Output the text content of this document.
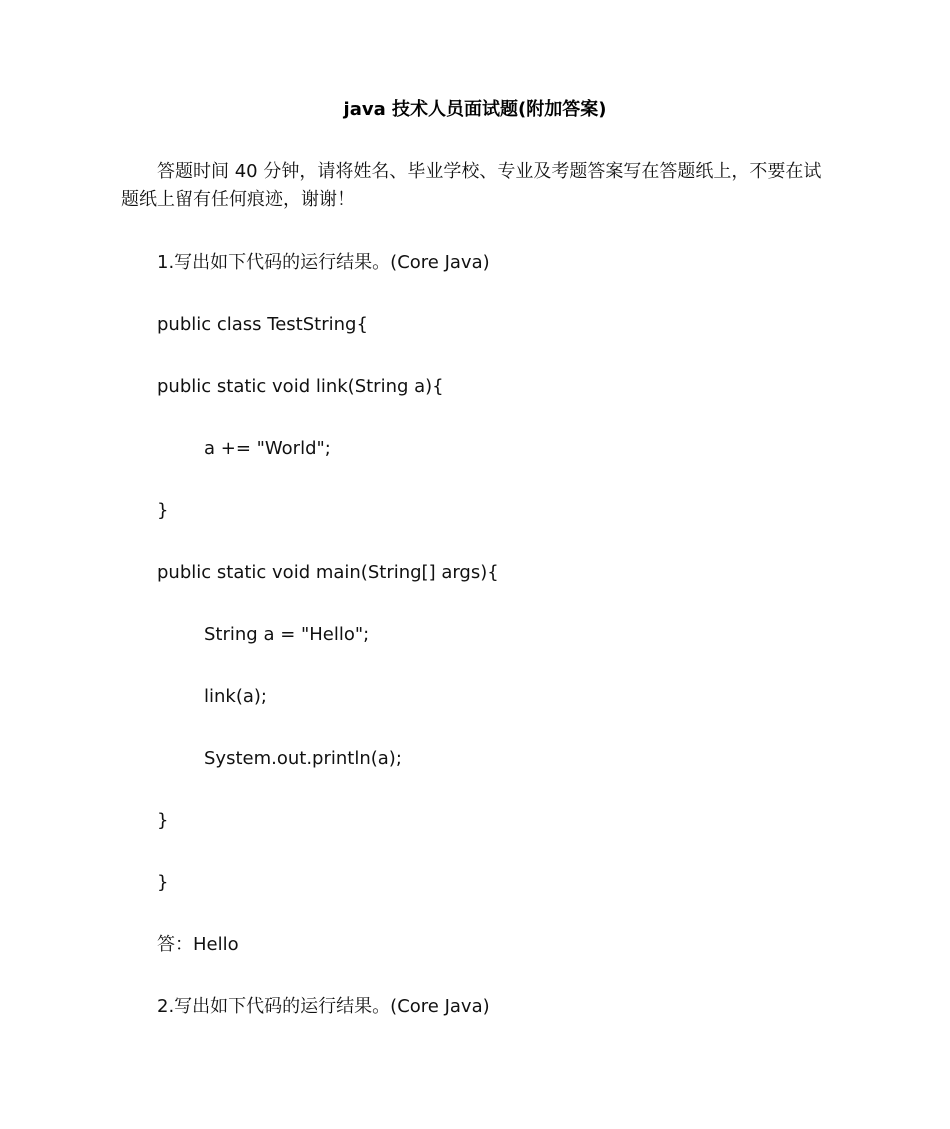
java 技术人员面试题(附加答案)
答题时间 40 分钟，请将姓名、毕业学校、专业及考题答案写在答题纸上，不要在试题纸上留有任何痕迹，谢谢！
1.写出如下代码的运行结果。(Core Java)
public class TestString{
public static void link(String a){
a += "World";
}
public static void main(String[] args){
String a = "Hello";
link(a);
System.out.println(a);
}
}
答：Hello
2.写出如下代码的运行结果。(Core Java)
